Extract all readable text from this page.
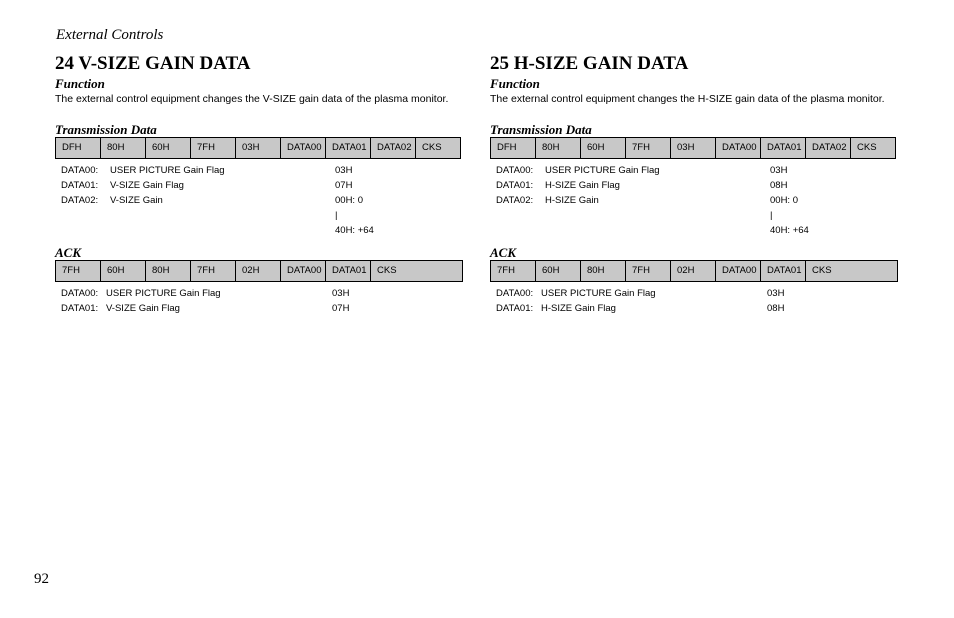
External Controls
24 V-SIZE GAIN DATA
Function
The external control equipment changes the V-SIZE gain data of the plasma monitor.
Transmission Data
DFH	80H	60H	7FH	03H	DATA00	DATA01	DATA02	CKS
DATA00: USER PICTURE Gain Flag	03H
DATA01: V-SIZE Gain Flag	07H
DATA02: V-SIZE Gain	00H: 0
|
40H: +64
ACK
7FH	60H	80H	7FH	02H	DATA00	DATA01	CKS
DATA00: USER PICTURE Gain Flag	03H
DATA01: V-SIZE Gain Flag	07H
25 H-SIZE GAIN DATA
Function
The external control equipment changes the H-SIZE gain data of the plasma monitor.
Transmission Data
DFH	80H	60H	7FH	03H	DATA00	DATA01	DATA02	CKS
DATA00: USER PICTURE Gain Flag	03H
DATA01: H-SIZE Gain Flag	08H
DATA02: H-SIZE Gain	00H: 0
|
40H: +64
ACK
7FH	60H	80H	7FH	02H	DATA00	DATA01	CKS
DATA00: USER PICTURE Gain Flag	03H
DATA01: H-SIZE Gain Flag	08H
92
